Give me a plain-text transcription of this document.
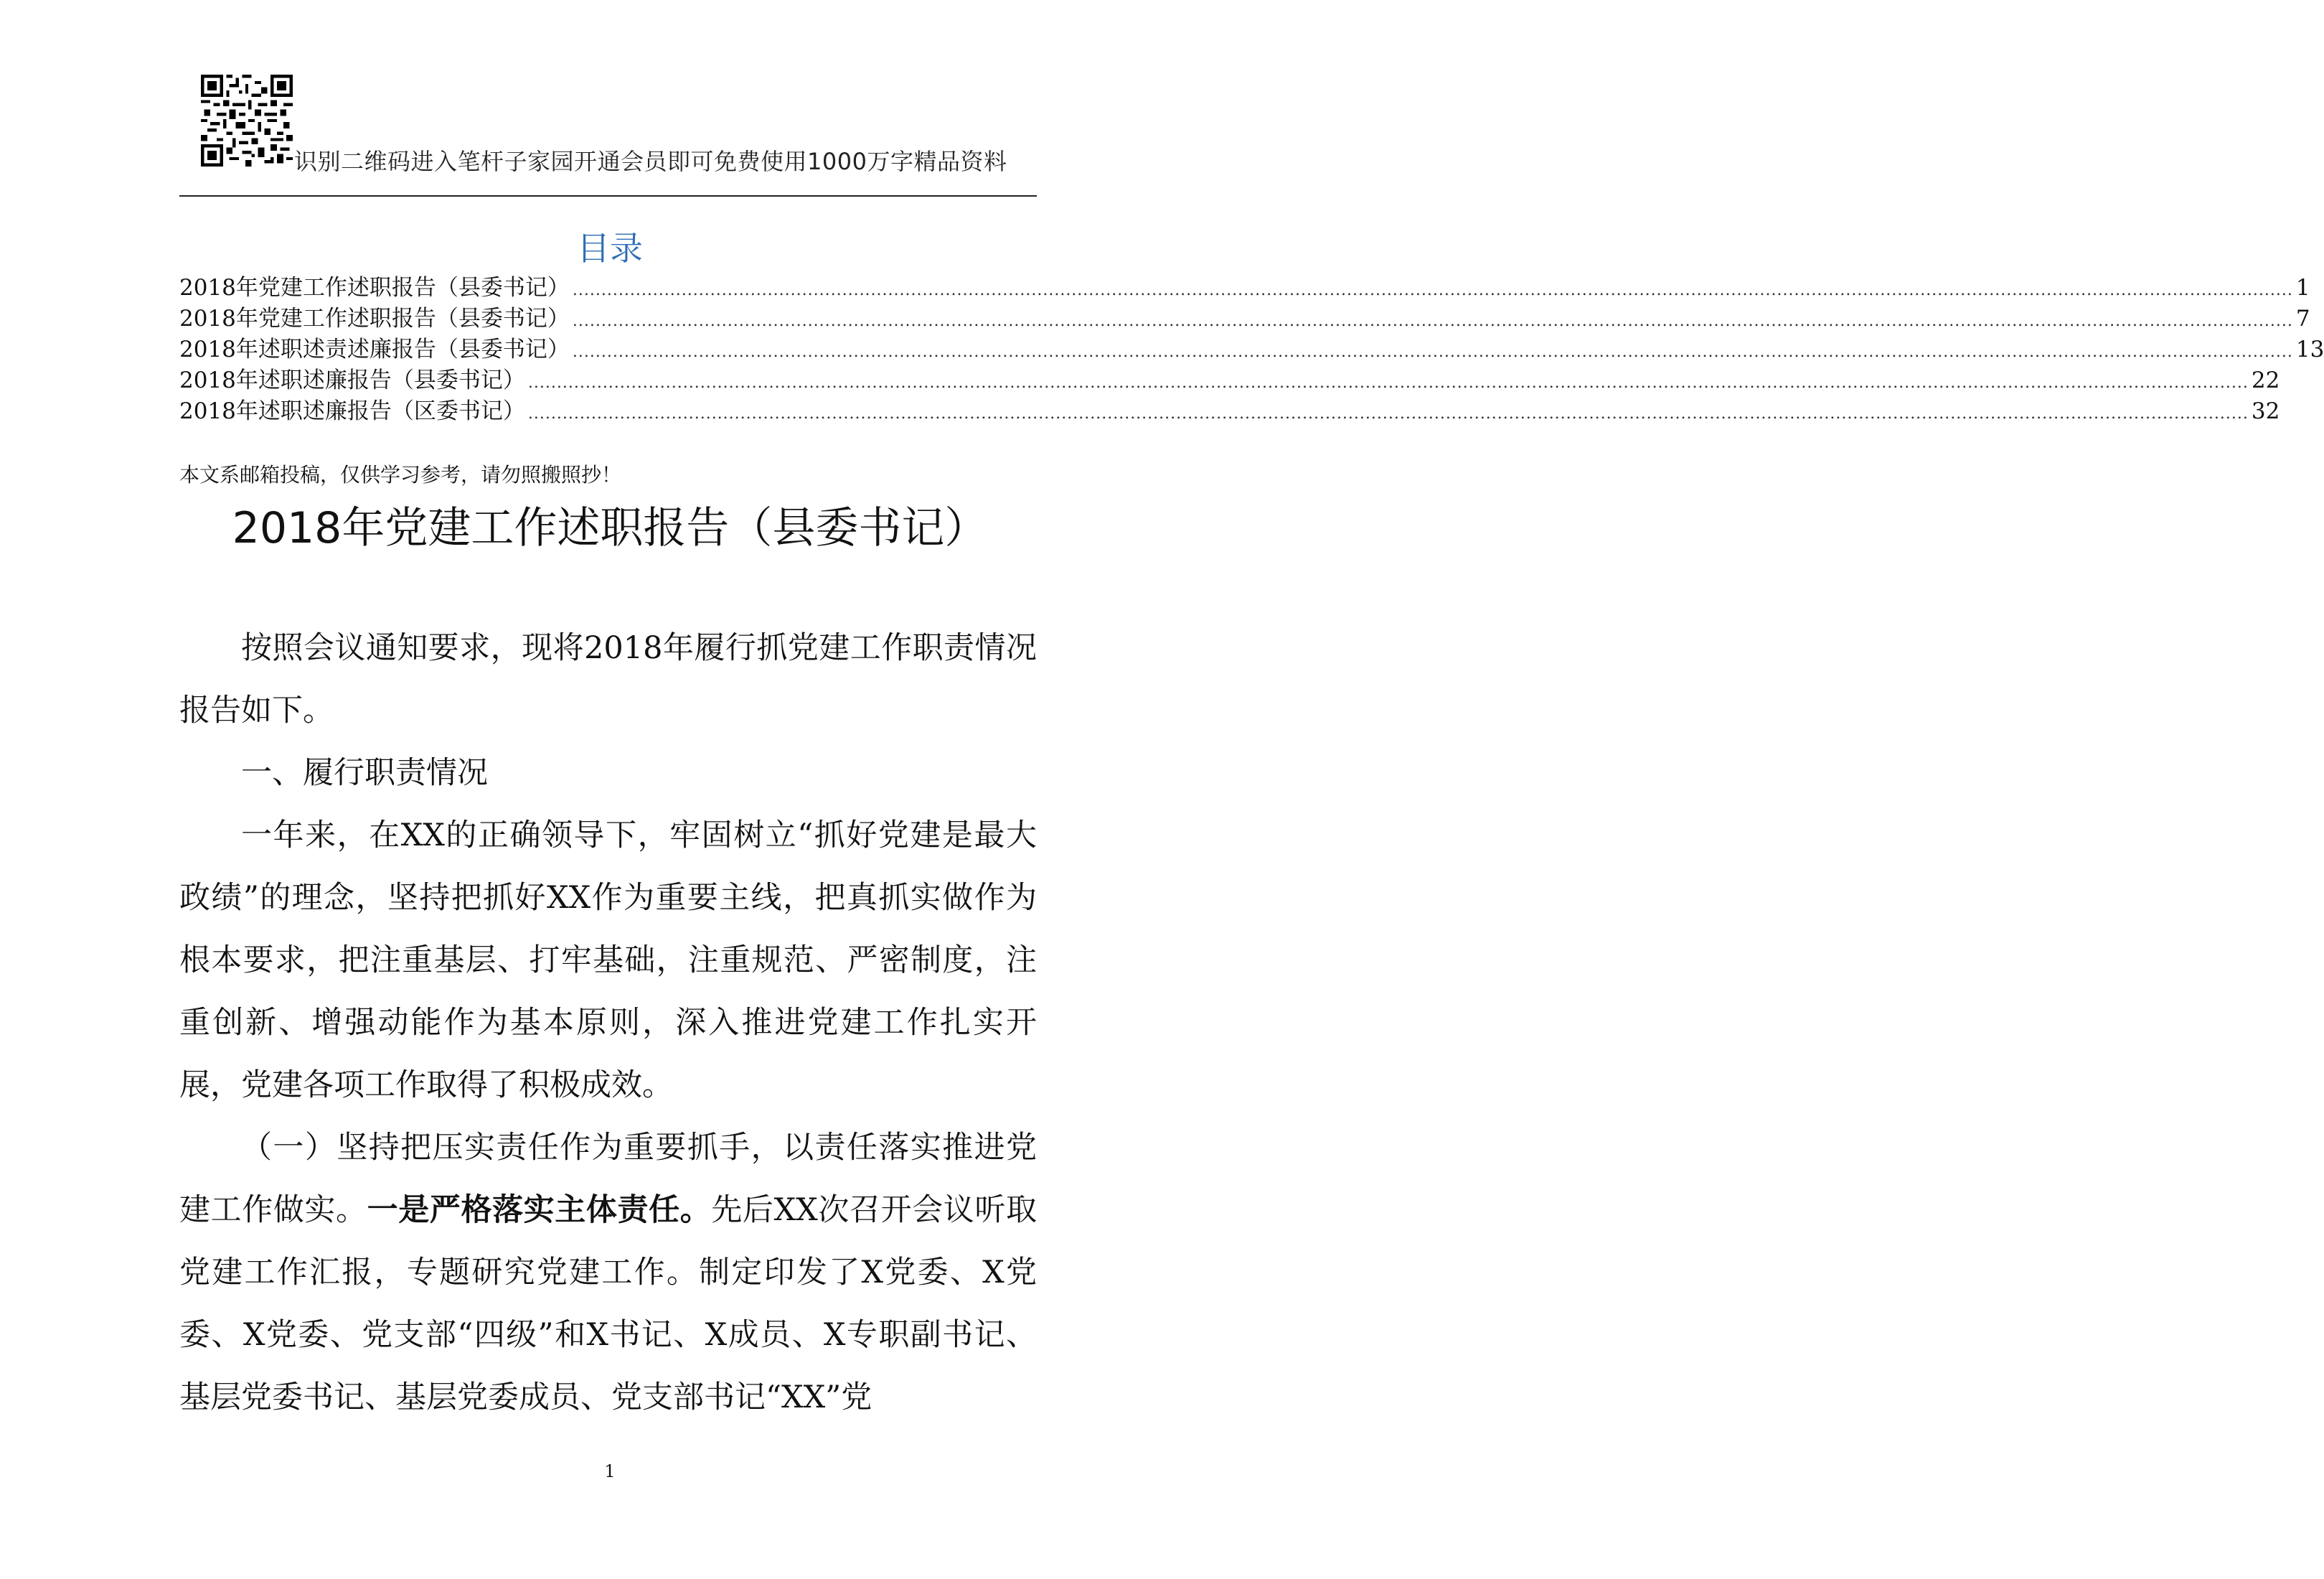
识别二维码进入笔杆子家园开通会员即可免费使用1000万字精品资料
目录
2018年党建工作述职报告（县委书记） ............................................................................................................................................................................................................................................................................................................ 1
2018年党建工作述职报告（县委书记） ............................................................................................................................................................................................................................................................................................................ 7
2018年述职述责述廉报告（县委书记） ............................................................................................................................................................................................................................................................................................................ 13
2018年述职述廉报告（县委书记） ............................................................................................................................................................................................................................................................................................................ 22
2018年述职述廉报告（区委书记） ............................................................................................................................................................................................................................................................................................................ 32
本文系邮箱投稿，仅供学习参考，请勿照搬照抄！
2018年党建工作述职报告（县委书记）

按照会议通知要求，现将2018年履行抓党建工作职责情况报告如下。

一、履行职责情况

一年来，在XX的正确领导下，牢固树立“抓好党建是最大政绩”的理念，坚持把抓好XX作为重要主线，把真抓实做作为根本要求，把注重基层、打牢基础，注重规范、严密制度，注重创新、增强动能作为基本原则，深入推进党建工作扎实开展，党建各项工作取得了积极成效。

（一）坚持把压实责任作为重要抓手，以责任落实推进党建工作做实。一是严格落实主体责任。先后XX次召开会议听取党建工作汇报，专题研究党建工作。制定印发了X党委、X党委、X党委、党支部“四级”和X书记、X成员、X专职副书记、基层党委书记、基层党委成员、党支部书记“XX”党

1
